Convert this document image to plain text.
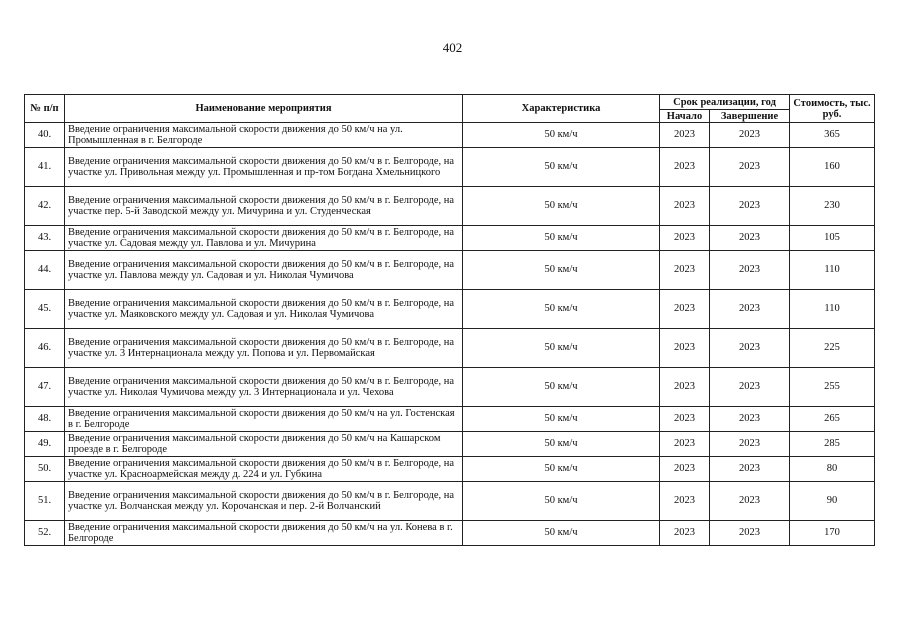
402
№ п/п	Наименование мероприятия	Характеристика	Срок реализации, год		Стоимость, тыс. руб.
			Начало	Завершение	
40.	Введение ограничения максимальной скорости движения до 50 км/ч на ул. Промышленная в г. Белгороде	50 км/ч	2023	2023	365
41.	Введение ограничения максимальной скорости движения до 50 км/ч в г. Белгороде, на участке ул. Привольная между ул. Промышленная и пр-том Богдана Хмельницкого	50 км/ч	2023	2023	160
42.	Введение ограничения максимальной скорости движения до 50 км/ч в г. Белгороде, на участке пер. 5-й Заводской между ул. Мичурина и ул. Студенческая	50 км/ч	2023	2023	230
43.	Введение ограничения максимальной скорости движения до 50 км/ч в г. Белгороде, на участке ул. Садовая между ул. Павлова и ул. Мичурина	50 км/ч	2023	2023	105
44.	Введение ограничения максимальной скорости движения до 50 км/ч в г. Белгороде, на участке ул. Павлова между ул. Садовая и ул. Николая Чумичова	50 км/ч	2023	2023	110
45.	Введение ограничения максимальной скорости движения до 50 км/ч в г. Белгороде, на участке ул. Маяковского между ул. Садовая и ул. Николая Чумичова	50 км/ч	2023	2023	110
46.	Введение ограничения максимальной скорости движения до 50 км/ч в г. Белгороде, на участке ул. 3 Интернационала между ул. Попова и ул. Первомайская	50 км/ч	2023	2023	225
47.	Введение ограничения максимальной скорости движения до 50 км/ч в г. Белгороде, на участке ул. Николая Чумичова между ул. 3 Интернационала и ул. Чехова	50 км/ч	2023	2023	255
48.	Введение ограничения максимальной скорости движения до 50 км/ч на ул. Гостенская в г. Белгороде	50 км/ч	2023	2023	265
49.	Введение ограничения максимальной скорости движения до 50 км/ч на Кашарском проезде в г. Белгороде	50 км/ч	2023	2023	285
50.	Введение ограничения максимальной скорости движения до 50 км/ч в г. Белгороде, на участке ул. Красноармейская между д. 224 и ул. Губкина	50 км/ч	2023	2023	80
51.	Введение ограничения максимальной скорости движения до 50 км/ч в г. Белгороде, на участке ул. Волчанская между ул. Корочанская и пер. 2-й Волчанский	50 км/ч	2023	2023	90
52.	Введение ограничения максимальной скорости движения до 50 км/ч на ул. Конева в г. Белгороде	50 км/ч	2023	2023	170
